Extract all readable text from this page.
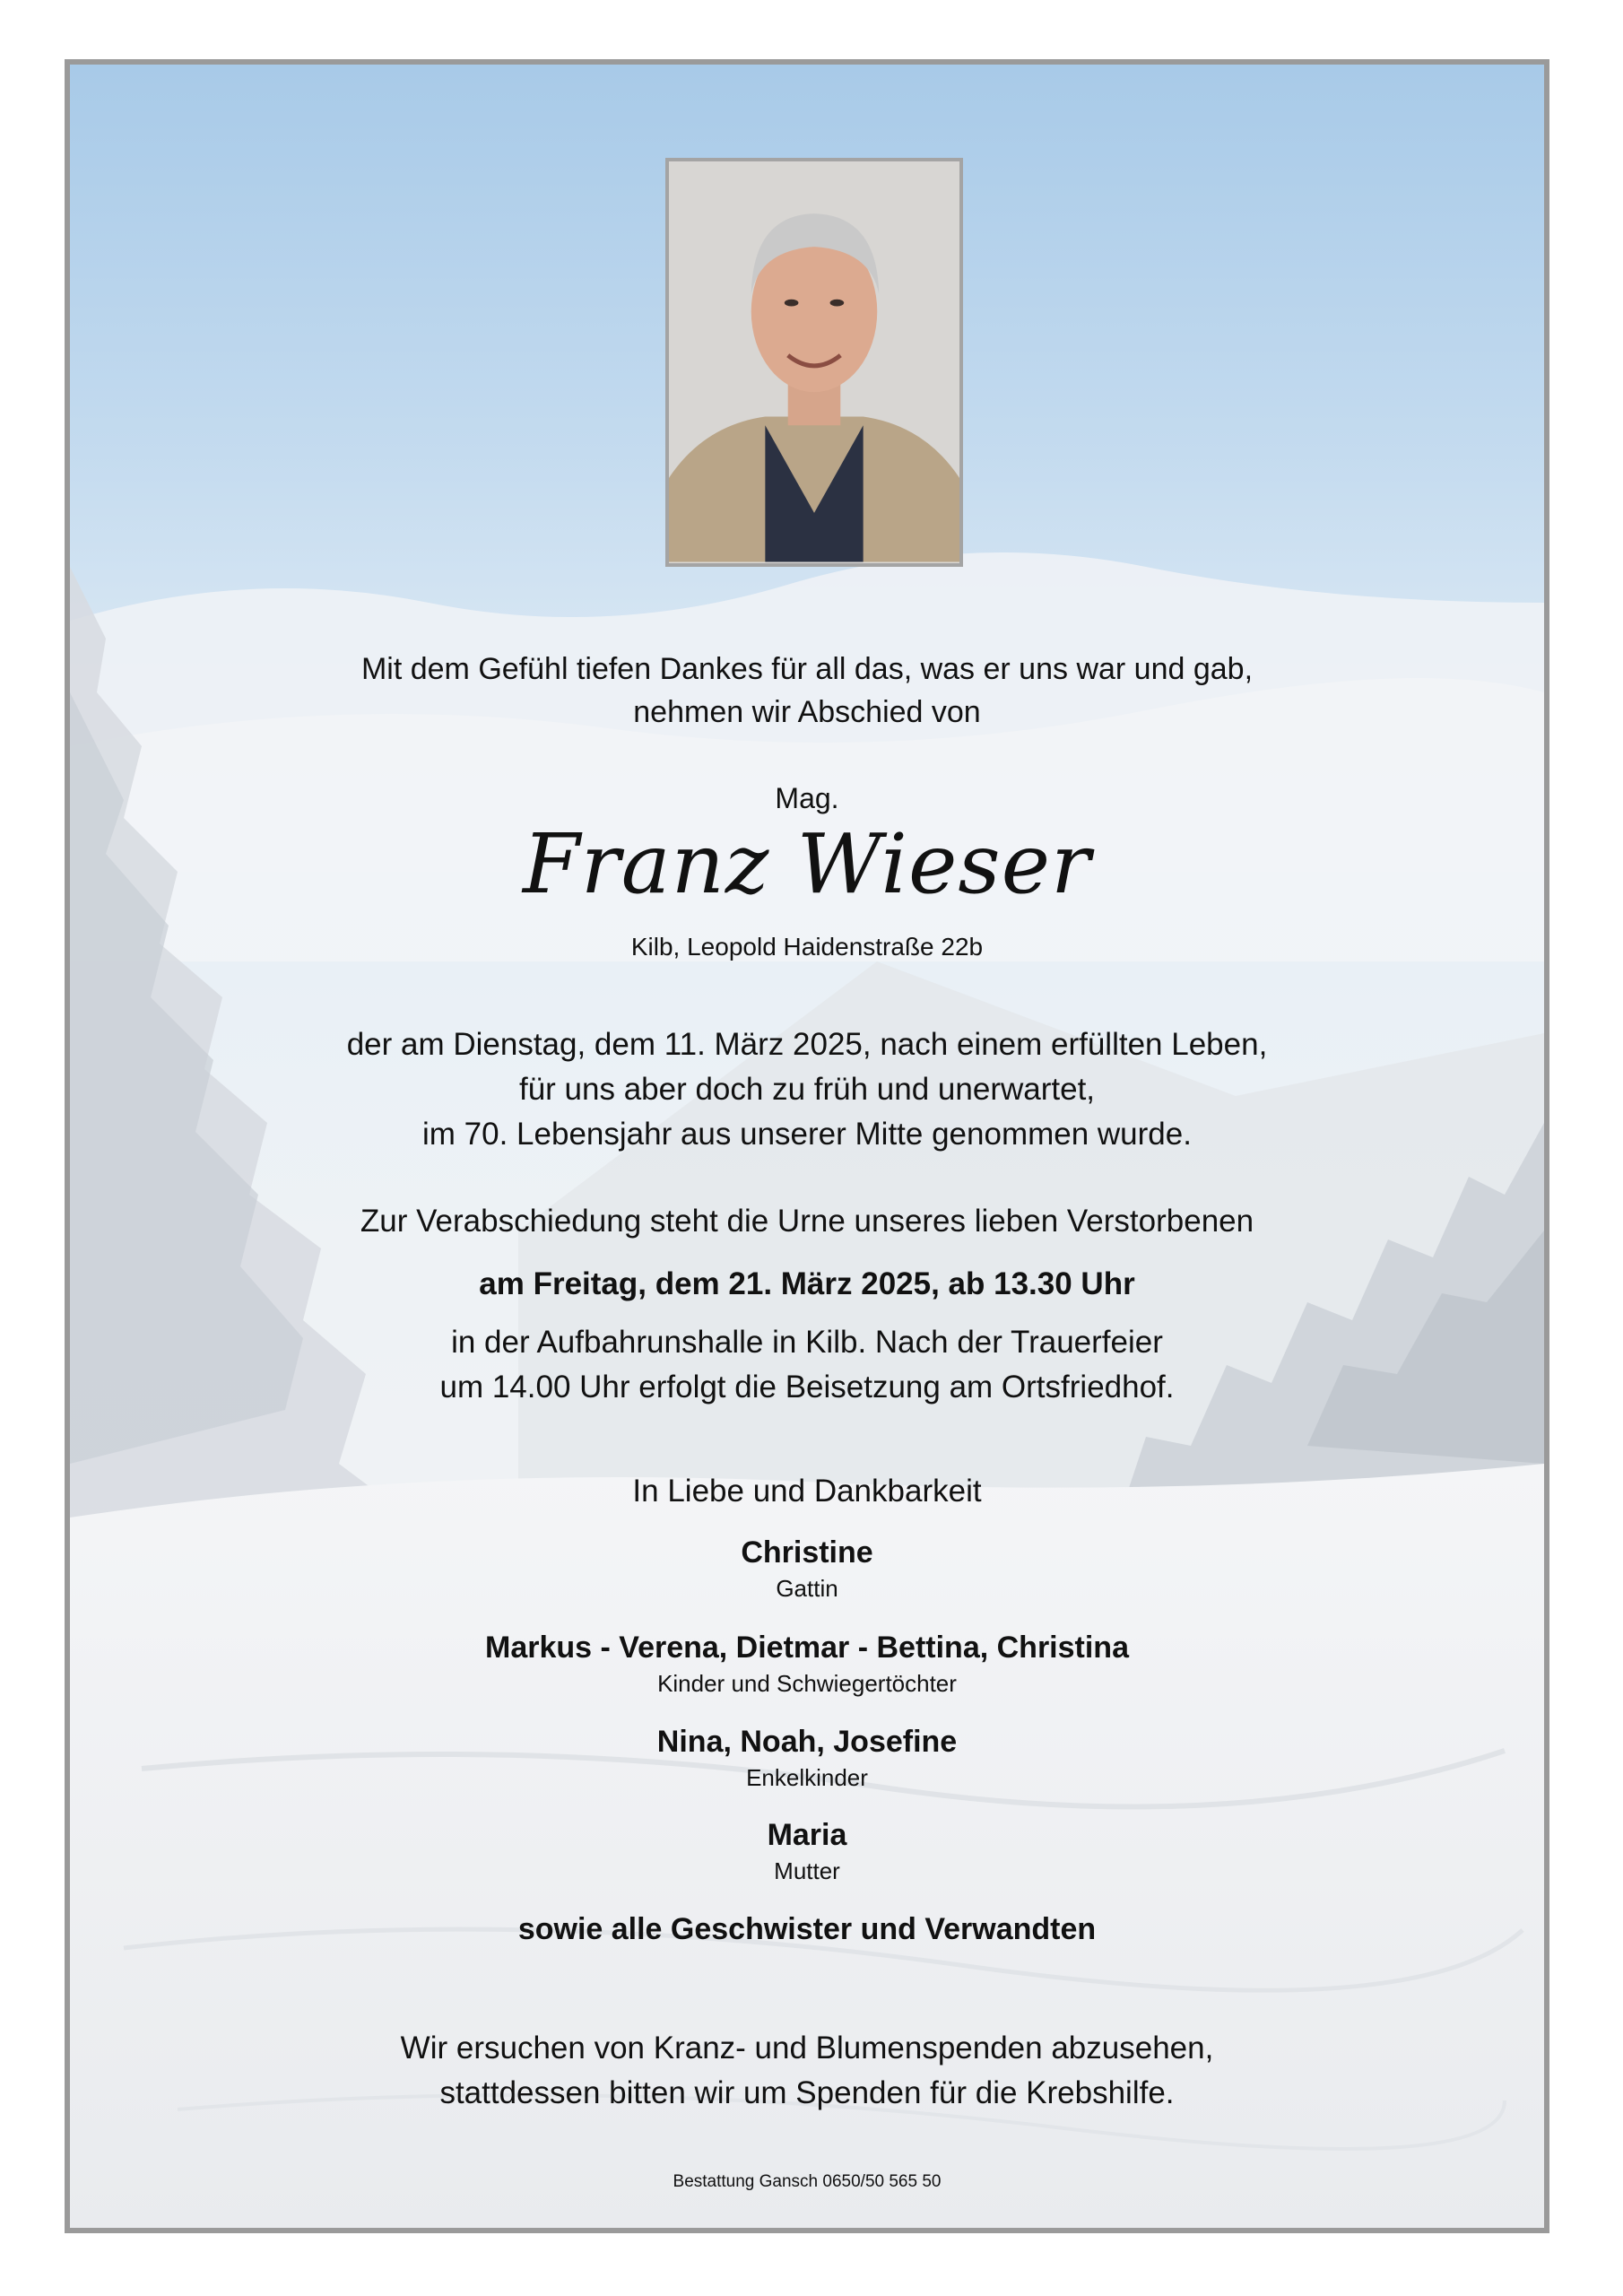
Mit dem Gefühl tiefen Dankes für all das, was er uns war und gab,
nehmen wir Abschied von
Mag.
Franz Wieser
Kilb, Leopold Haidenstraße 22b
der am Dienstag, dem 11. März 2025, nach einem erfüllten Leben,
für uns aber doch zu früh und unerwartet,
im 70. Lebensjahr aus unserer Mitte genommen wurde.
Zur Verabschiedung steht die Urne unseres lieben Verstorbenen
am Freitag, dem 21. März 2025, ab 13.30 Uhr
in der Aufbahrunshalle in Kilb. Nach der Trauerfeier
um 14.00 Uhr erfolgt die Beisetzung am Ortsfriedhof.
In Liebe und Dankbarkeit
Christine
Gattin
Markus - Verena, Dietmar - Bettina, Christina
Kinder und Schwiegertöchter
Nina, Noah, Josefine
Enkelkinder
Maria
Mutter
sowie alle Geschwister und Verwandten
Wir ersuchen von Kranz- und Blumenspenden abzusehen,
stattdessen bitten wir um Spenden für die Krebshilfe.
Bestattung Gansch 0650/50 565 50
